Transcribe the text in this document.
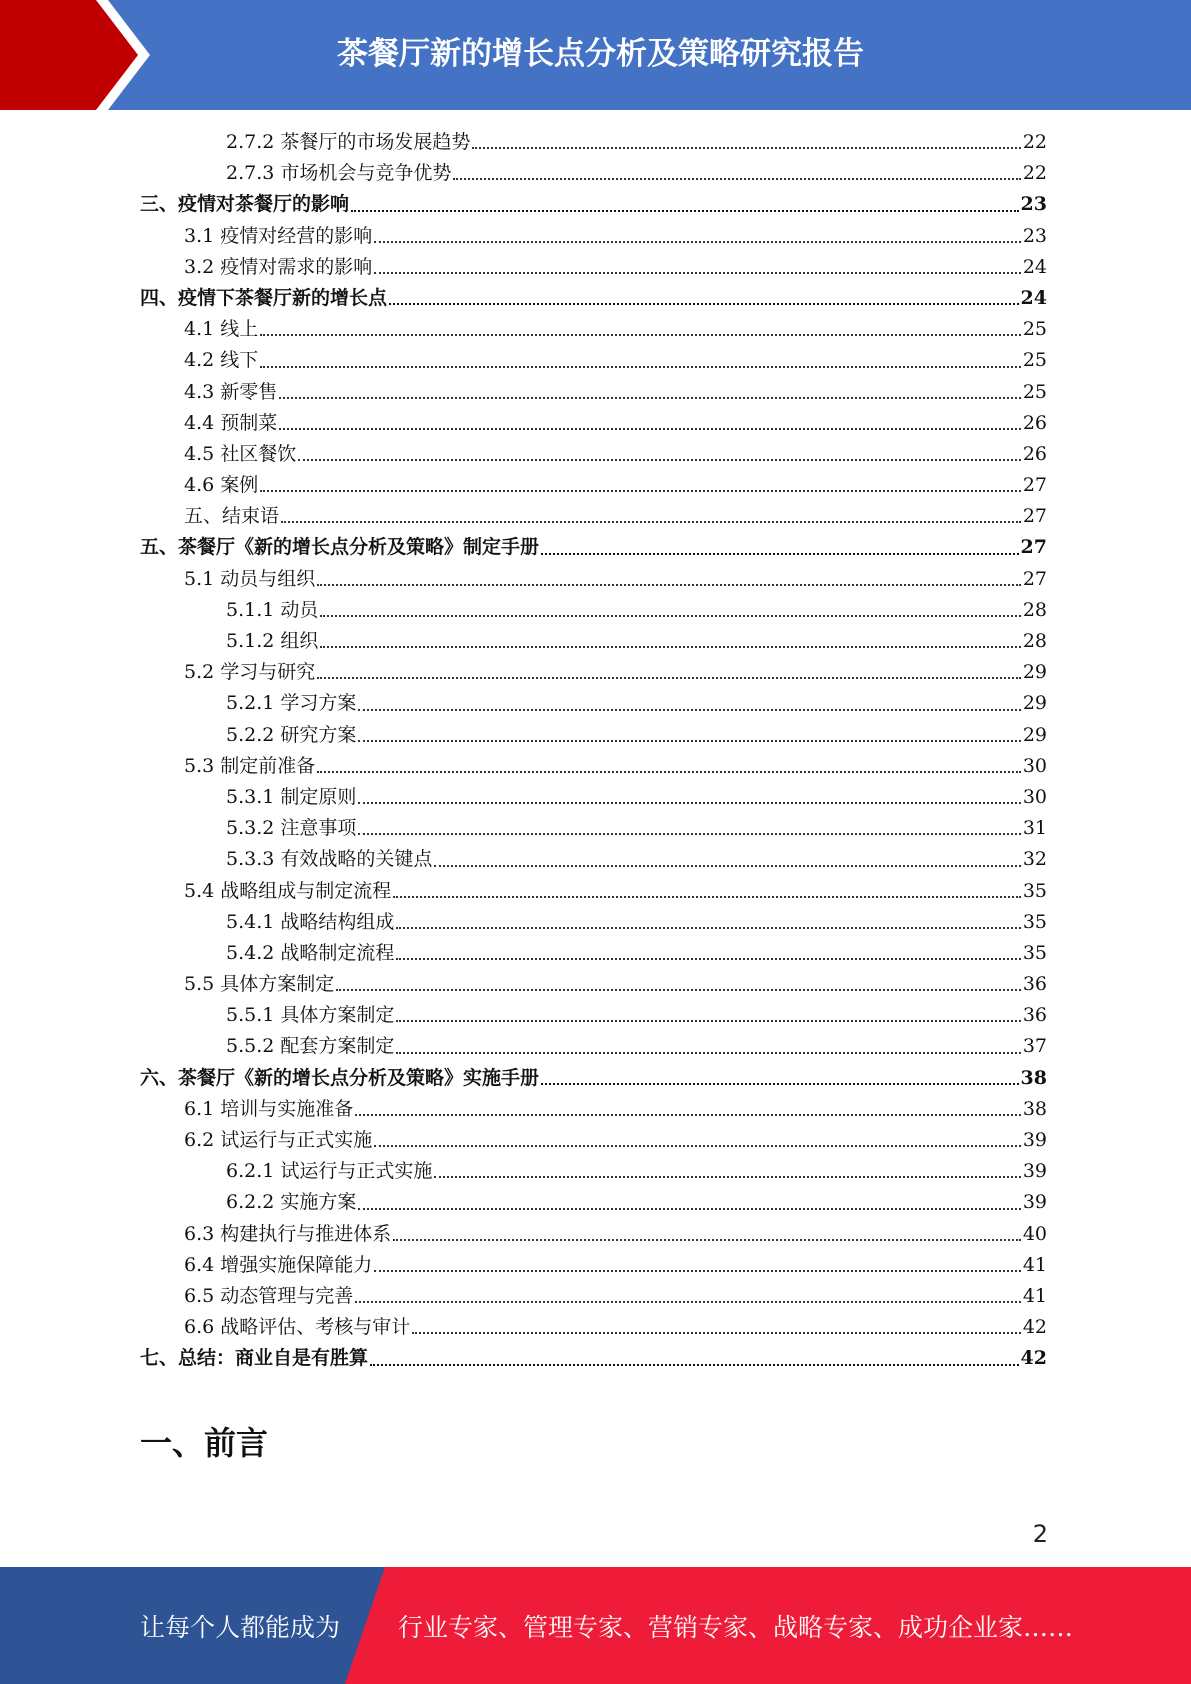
茶餐厅新的增长点分析及策略研究报告
2.7.2 茶餐厅的市场发展趋势	22
2.7.3 市场机会与竞争优势	22
三、疫情对茶餐厅的影响	23
3.1 疫情对经营的影响	23
3.2 疫情对需求的影响	24
四、疫情下茶餐厅新的增长点	24
4.1 线上	25
4.2 线下	25
4.3 新零售	25
4.4 预制菜	26
4.5 社区餐饮	26
4.6 案例	27
五、结束语	27
五、茶餐厅《新的增长点分析及策略》制定手册	27
5.1 动员与组织	27
5.1.1 动员	28
5.1.2 组织	28
5.2 学习与研究	29
5.2.1 学习方案	29
5.2.2 研究方案	29
5.3 制定前准备	30
5.3.1 制定原则	30
5.3.2 注意事项	31
5.3.3 有效战略的关键点	32
5.4 战略组成与制定流程	35
5.4.1 战略结构组成	35
5.4.2 战略制定流程	35
5.5 具体方案制定	36
5.5.1 具体方案制定	36
5.5.2 配套方案制定	37
六、茶餐厅《新的增长点分析及策略》实施手册	38
6.1 培训与实施准备	38
6.2 试运行与正式实施	39
6.2.1 试运行与正式实施	39
6.2.2 实施方案	39
6.3 构建执行与推进体系	40
6.4 增强实施保障能力	41
6.5 动态管理与完善	41
6.6 战略评估、考核与审计	42
七、总结：商业自是有胜算	42
一、前言
2
让每个人都能成为 行业专家、管理专家、营销专家、战略专家、成功企业家……
